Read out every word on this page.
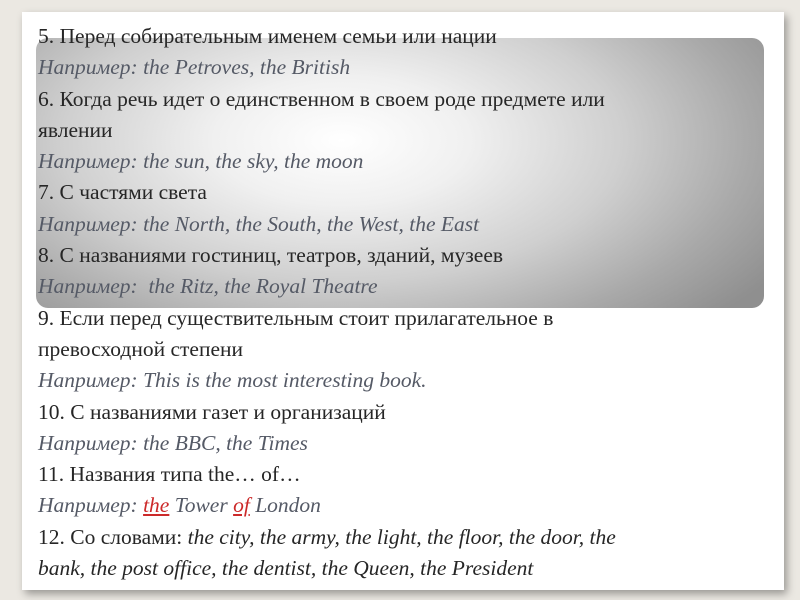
5. Перед собирательным именем семьи или нации
Например: the Petroves, the British
6. Когда речь идет о единственном в своем роде предмете или
явлении
Например: the sun, the sky, the moon
7. С частями света
Например: the North, the South, the West, the East
8. С названиями гостиниц, театров, зданий, музеев
Например:  the Ritz, the Royal Theatre
9. Если перед существительным стоит прилагательное в
превосходной степени
Например: This is the most interesting book.
10. С названиями газет и организаций
Например: the BBC, the Times
11. Названия типа the… of…
Например: the Tower of London
12. Со словами: the city, the army, the light, the floor, the door, the
bank, the post office, the dentist, the Queen, the President
